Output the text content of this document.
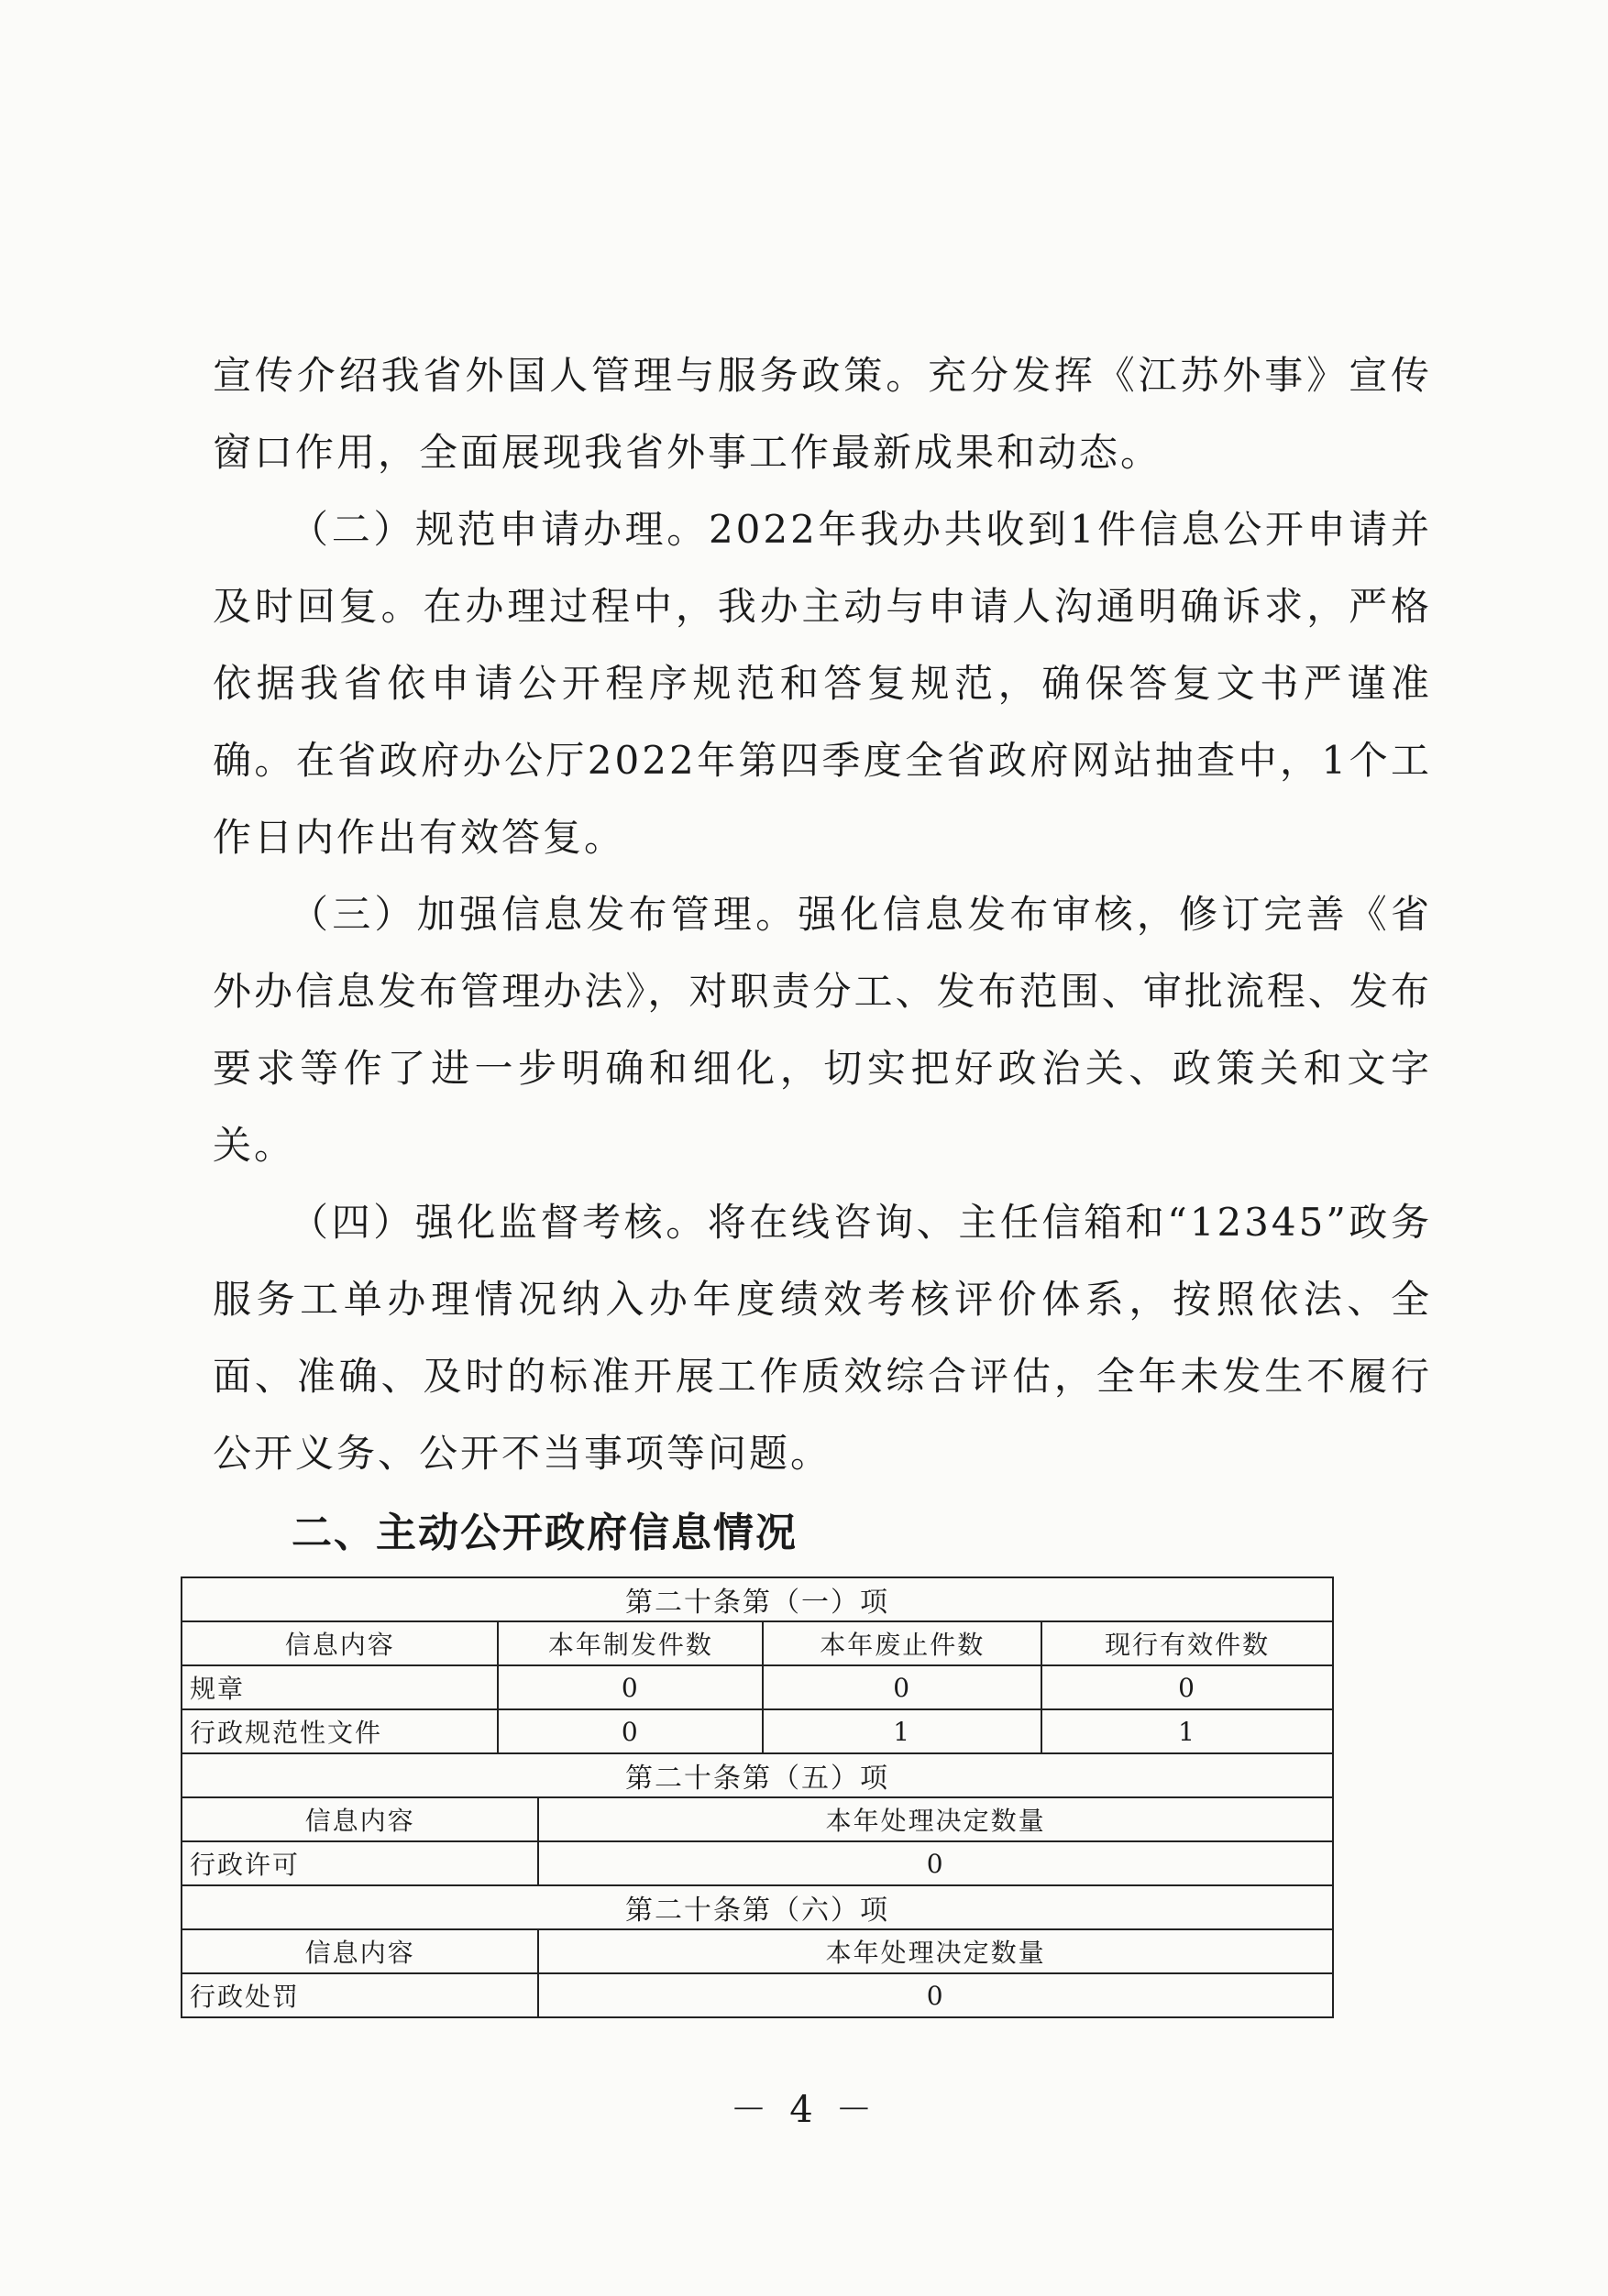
宣传介绍我省外国人管理与服务政策。充分发挥《江苏外事》宣传窗口作用，全面展现我省外事工作最新成果和动态。

（二）规范申请办理。2022年我办共收到1件信息公开申请并及时回复。在办理过程中，我办主动与申请人沟通明确诉求，严格依据我省依申请公开程序规范和答复规范，确保答复文书严谨准确。在省政府办公厅2022年第四季度全省政府网站抽查中，1个工作日内作出有效答复。

（三）加强信息发布管理。强化信息发布审核，修订完善《省外办信息发布管理办法》，对职责分工、发布范围、审批流程、发布要求等作了进一步明确和细化，切实把好政治关、政策关和文字关。

（四）强化监督考核。将在线咨询、主任信箱和“12345”政务服务工单办理情况纳入办年度绩效考核评价体系，按照依法、全面、准确、及时的标准开展工作质效综合评估，全年未发生不履行公开义务、公开不当事项等问题。

二、主动公开政府信息情况
第二十条第（一）项				
信息内容	本年制发件数		本年废止件数	现行有效件数
规章	0		0	0
行政规范性文件	0		1	1
第二十条第（五）项				
信息内容		本年处理决定数量		
行政许可		0		
第二十条第（六）项				
信息内容		本年处理决定数量		
行政处罚		0		
－ 4 －
